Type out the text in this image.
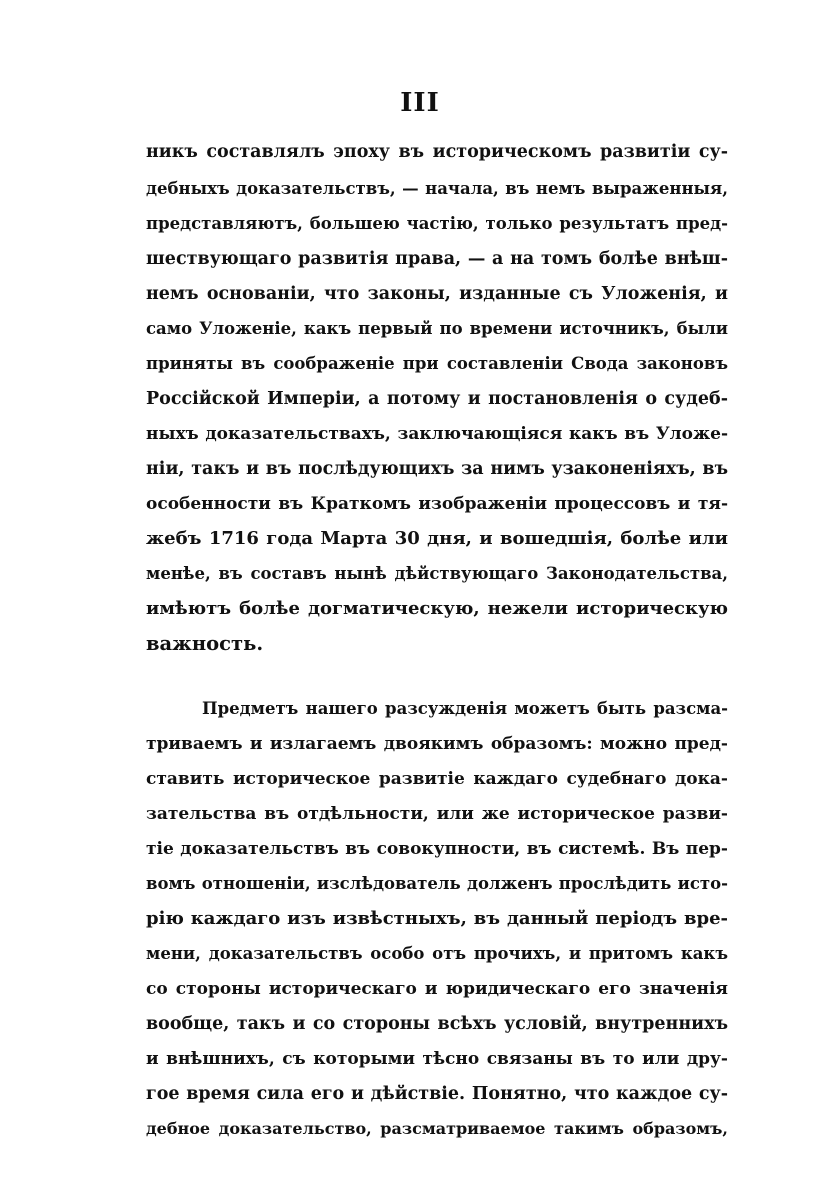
III
никъ составлялъ эпоху въ историческомъ развитіи су-
дебныхъ доказательствъ, — начала, въ немъ выраженныя,
представляютъ, большею частію, только результатъ пред-
шествующаго развитія права, — а на томъ болѣе внѣш-
немъ основаніи, что законы, изданные съ Уложенія, и
само Уложеніе, какъ первый по времени источникъ, были
приняты въ соображеніе при составленіи Свода законовъ
Россійской Имперіи, а потому и постановленія о судеб-
ныхъ доказательствахъ, заключающіяся какъ въ Уложе-
ніи, такъ и въ послѣдующихъ за нимъ узаконеніяхъ, въ
особенности въ Краткомъ изображеніи процессовъ и тя-
жебъ 1716 года Марта 30 дня, и вошедшія, болѣе или
менѣе, въ составъ нынѣ дѣйствующаго Законодательства,
имѣютъ болѣе догматическую, нежели историческую
важность.
Предметъ нашего разсужденія можетъ быть разсма-
триваемъ и излагаемъ двоякимъ образомъ: можно пред-
ставить историческое развитіе каждаго судебнаго дока-
зательства въ отдѣльности, или же историческое разви-
тіе доказательствъ въ совокупности, въ системѣ. Въ пер-
вомъ отношеніи, изслѣдователь долженъ прослѣдить исто-
рію каждаго изъ извѣстныхъ, въ данный періодъ вре-
мени, доказательствъ особо отъ прочихъ, и притомъ какъ
со стороны историческаго и юридическаго его значенія
вообще, такъ и со стороны всѣхъ условій, внутреннихъ
и внѣшнихъ, съ которыми тѣсно связаны въ то или дру-
гое время сила его и дѣйствіе. Понятно, что каждое су-
дебное доказательство, разсматриваемое такимъ образомъ,
